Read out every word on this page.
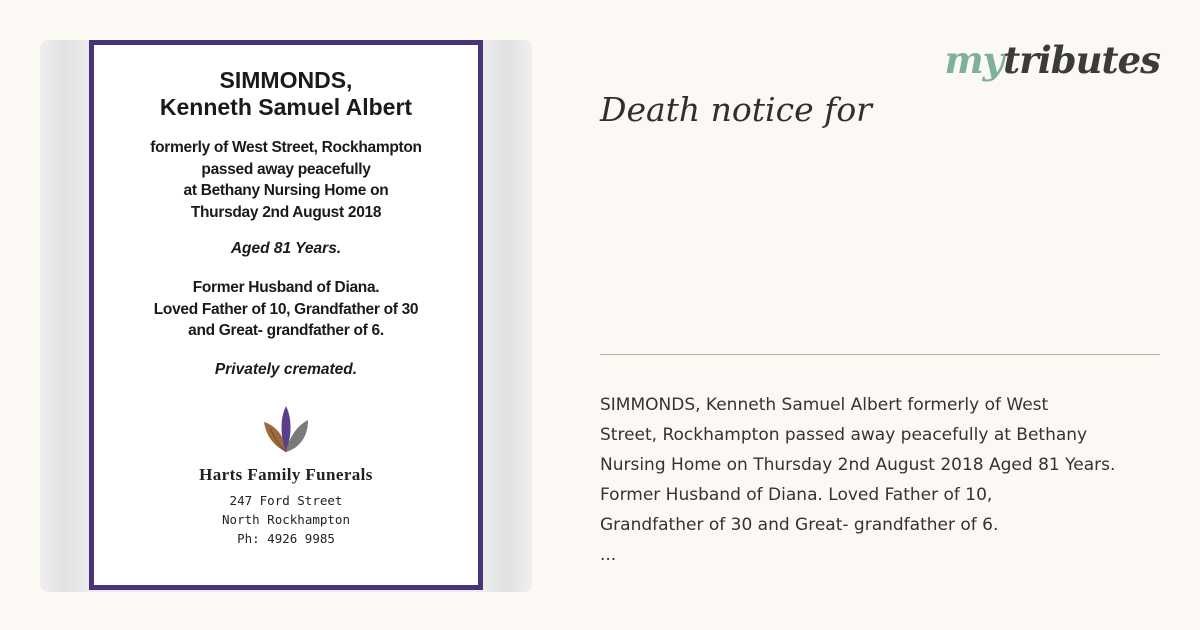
SIMMONDS,
Kenneth Samuel Albert
formerly of West Street, Rockhampton
passed away peacefully
at Bethany Nursing Home on
Thursday 2nd August 2018
Aged 81 Years.
Former Husband of Diana.
Loved Father of 10, Grandfather of 30
and Great- grandfather of 6.
Privately cremated.
Harts Family Funerals
247 Ford Street
North Rockhampton
Ph: 4926 9985
mytributes
Death notice for
SIMMONDS, Kenneth Samuel Albert formerly of West
Street, Rockhampton passed away peacefully at Bethany
Nursing Home on Thursday 2nd August 2018 Aged 81 Years.
Former Husband of Diana. Loved Father of 10,
Grandfather of 30 and Great- grandfather of 6.
...
